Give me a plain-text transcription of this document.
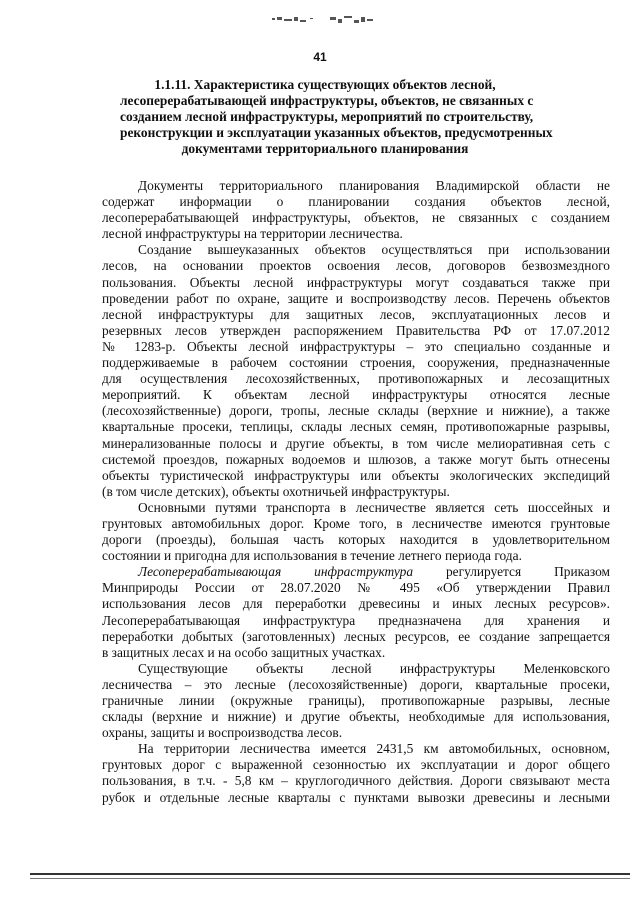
41
1.1.11. Характеристика существующих объектов лесной,
лесоперерабатывающей инфраструктуры, объектов, не связанных с
созданием лесной инфраструктуры, мероприятий по строительству,
реконструкции и эксплуатации указанных объектов, предусмотренных
документами территориального планирования
Документы территориального планирования Владимирской области не
содержат информации о планировании создания объектов лесной,
лесоперерабатывающей инфраструктуры, объектов, не связанных с созданием
лесной инфраструктуры на территории лесничества.
Создание вышеуказанных объектов осуществляться при использовании
лесов, на основании проектов освоения лесов, договоров безвозмездного
пользования. Объекты лесной инфраструктуры могут создаваться также при
проведении работ по охране, защите и воспроизводству лесов. Перечень объектов
лесной инфраструктуры для защитных лесов, эксплуатационных лесов и
резервных лесов утвержден распоряжением Правительства РФ от 17.07.2012
№ 1283-р. Объекты лесной инфраструктуры – это специально созданные и
поддерживаемые в рабочем состоянии строения, сооружения, предназначенные
для осуществления лесохозяйственных, противопожарных и лесозащитных
мероприятий. К объектам лесной инфраструктуры относятся лесные
(лесохозяйственные) дороги, тропы, лесные склады (верхние и нижние), а также
квартальные просеки, теплицы, склады лесных семян, противопожарные разрывы,
минерализованные полосы и другие объекты, в том числе мелиоративная сеть с
системой проездов, пожарных водоемов и шлюзов, а также могут быть отнесены
объекты туристической инфраструктуры или объекты экологических экспедиций
(в том числе детских), объекты охотничьей инфраструктуры.
Основными путями транспорта в лесничестве является сеть шоссейных и
грунтовых автомобильных дорог. Кроме того, в лесничестве имеются грунтовые
дороги (проезды), большая часть которых находится в удовлетворительном
состоянии и пригодна для использования в течение летнего периода года.
Лесоперерабатывающая инфраструктура регулируется Приказом
Минприроды России от 28.07.2020 № 495 «Об утверждении Правил
использования лесов для переработки древесины и иных лесных ресурсов».
Лесоперерабатывающая инфраструктура предназначена для хранения и
переработки добытых (заготовленных) лесных ресурсов, ее создание запрещается
в защитных лесах и на особо защитных участках.
Существующие объекты лесной инфраструктуры Меленковского
лесничества – это лесные (лесохозяйственные) дороги, квартальные просеки,
граничные линии (окружные границы), противопожарные разрывы, лесные
склады (верхние и нижние) и другие объекты, необходимые для использования,
охраны, защиты и воспроизводства лесов.
На территории лесничества имеется 2431,5 км автомобильных, основном,
грунтовых дорог с выраженной сезонностью их эксплуатации и дорог общего
пользования, в т.ч. - 5,8 км – круглогодичного действия. Дороги связывают места
рубок и отдельные лесные кварталы с пунктами вывозки древесины и лесными
